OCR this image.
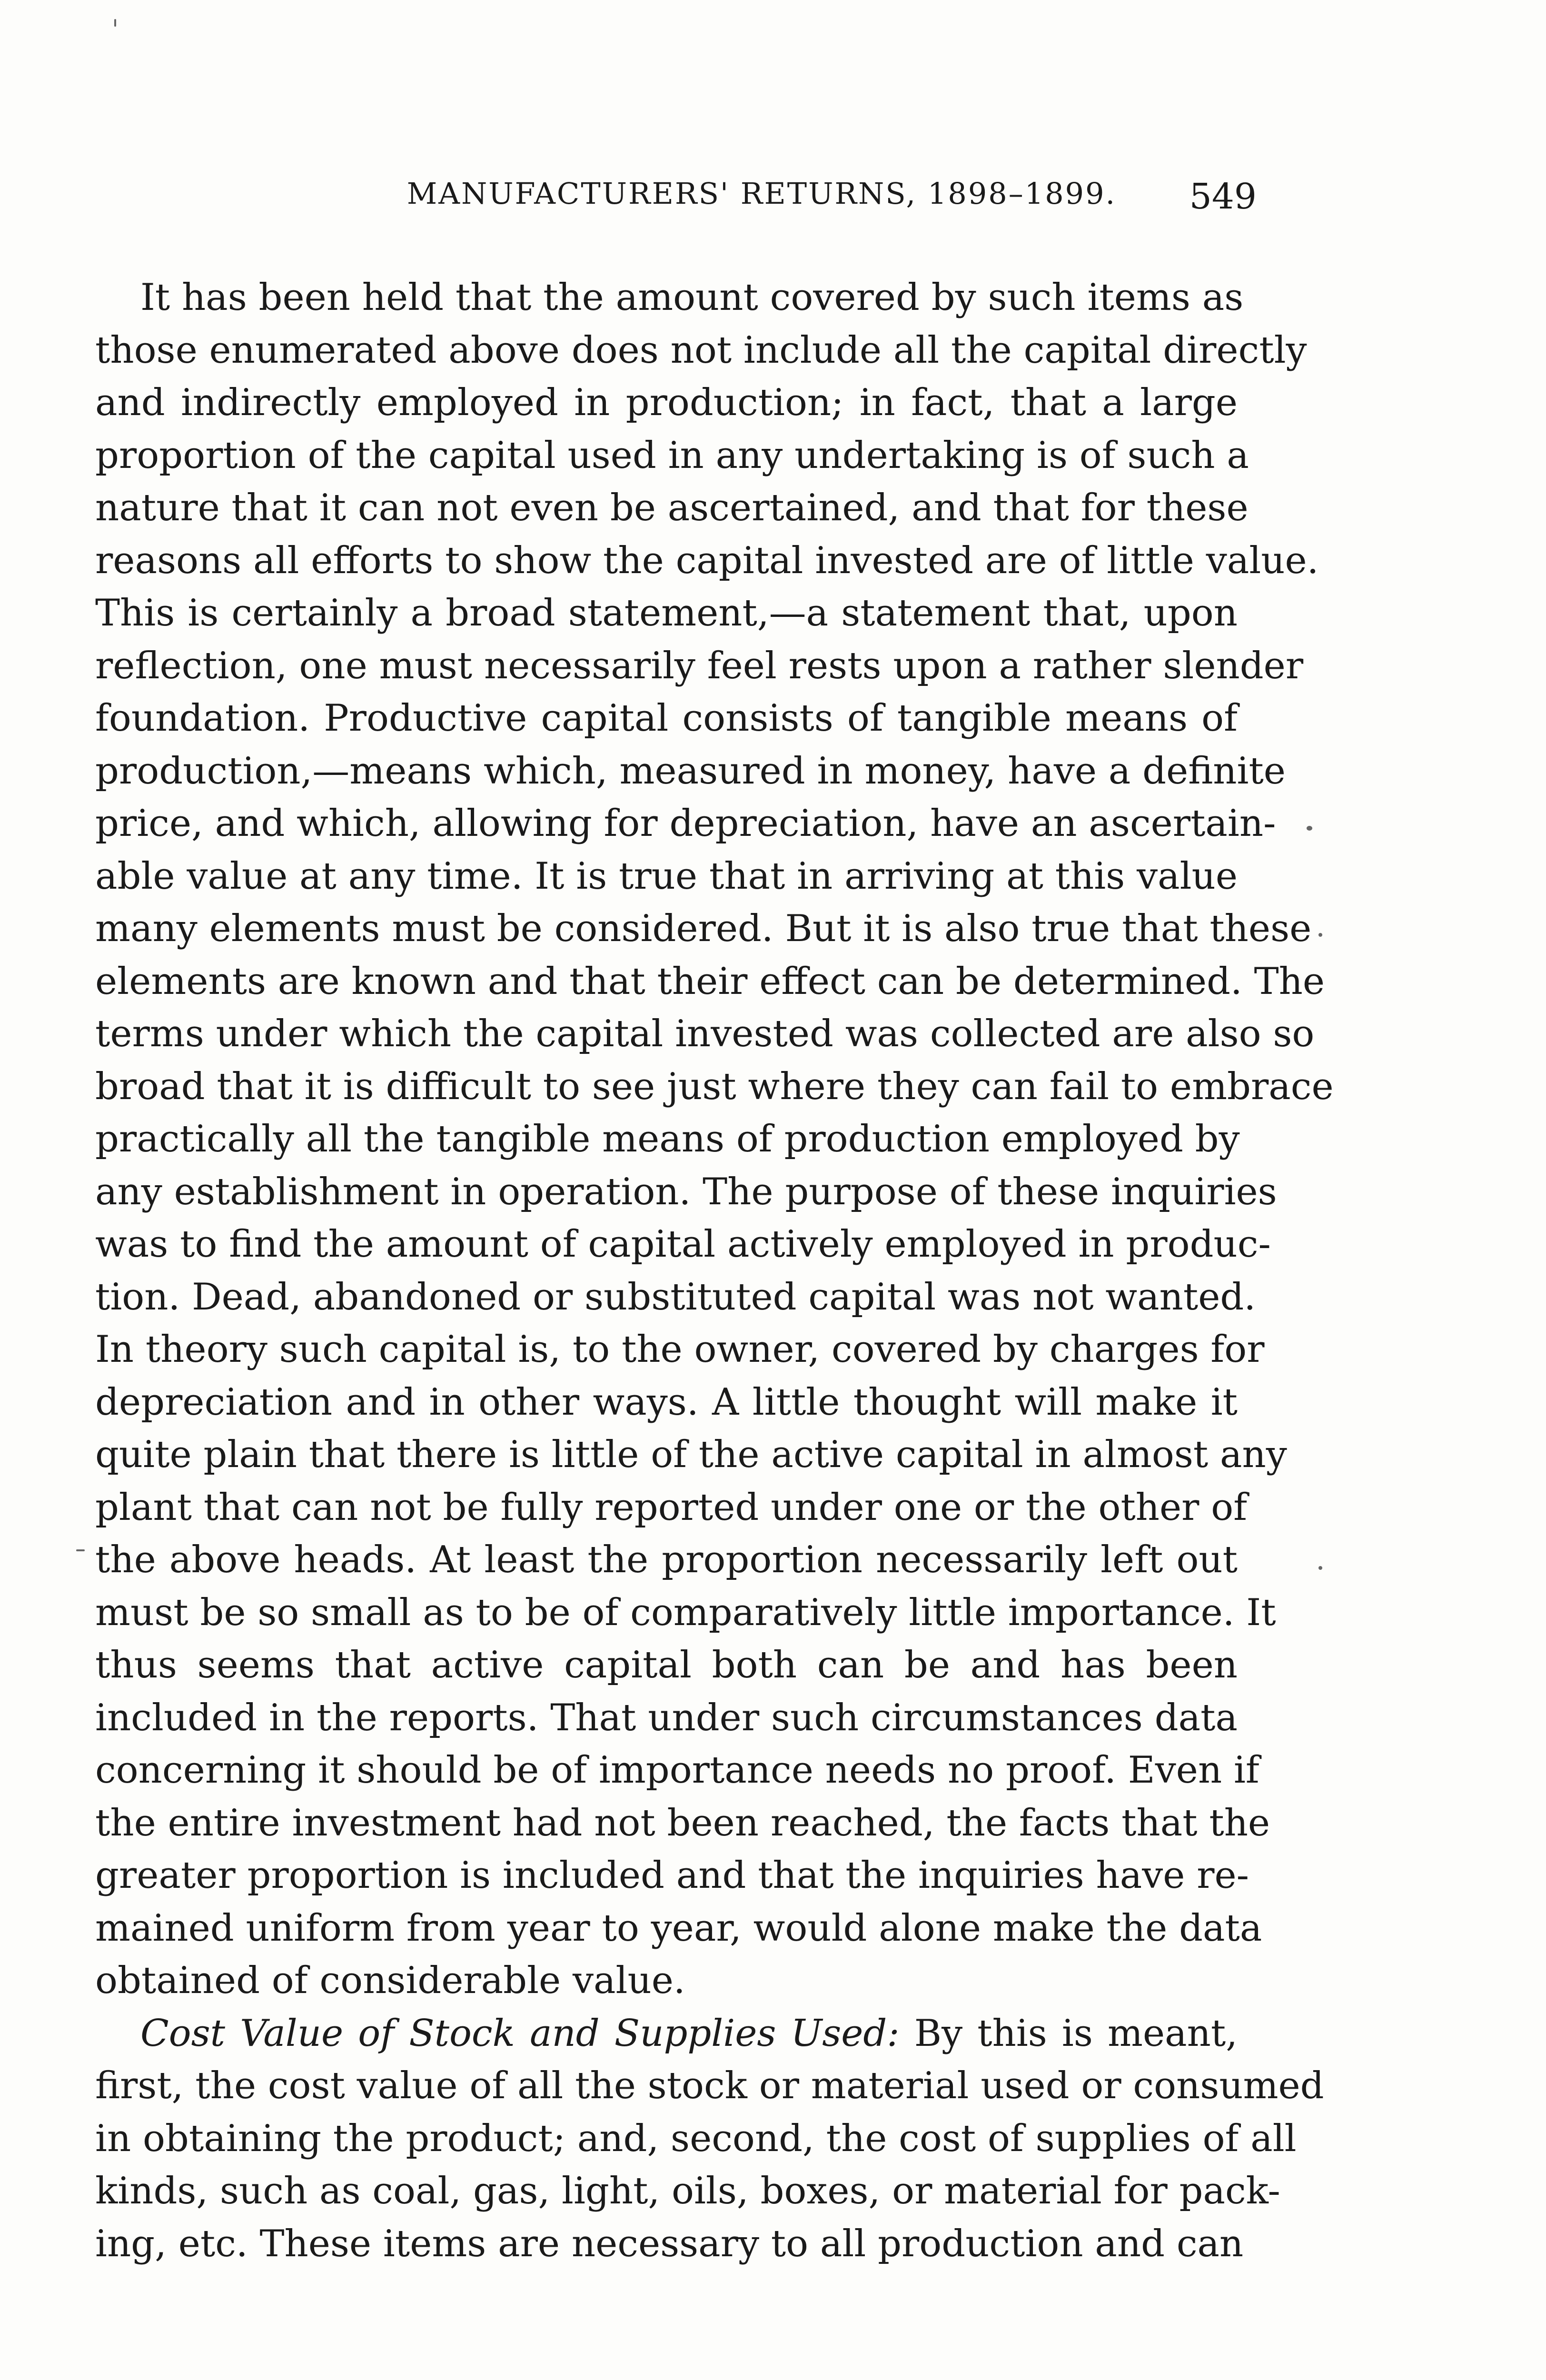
MANUFACTURERS' RETURNS, 1898–1899.	549
It has been held that the amount covered by such items as
those enumerated above does not include all the capital directly
and indirectly employed in production; in fact, that a large
proportion of the capital used in any undertaking is of such a
nature that it can not even be ascertained, and that for these
reasons all efforts to show the capital invested are of little value.
This is certainly a broad statement,—a statement that, upon
reflection, one must necessarily feel rests upon a rather slender
foundation. Productive capital consists of tangible means of
production,—means which, measured in money, have a definite
price, and which, allowing for depreciation, have an ascertain-
able value at any time. It is true that in arriving at this value
many elements must be considered. But it is also true that these
elements are known and that their effect can be determined. The
terms under which the capital invested was collected are also so
broad that it is difficult to see just where they can fail to embrace
practically all the tangible means of production employed by
any establishment in operation. The purpose of these inquiries
was to find the amount of capital actively employed in produc-
tion. Dead, abandoned or substituted capital was not wanted.
In theory such capital is, to the owner, covered by charges for
depreciation and in other ways. A little thought will make it
quite plain that there is little of the active capital in almost any
plant that can not be fully reported under one or the other of
the above heads. At least the proportion necessarily left out
must be so small as to be of comparatively little importance. It
thus seems that active capital both can be and has been
included in the reports. That under such circumstances data
concerning it should be of importance needs no proof. Even if
the entire investment had not been reached, the facts that the
greater proportion is included and that the inquiries have re-
mained uniform from year to year, would alone make the data
obtained of considerable value.
Cost Value of Stock and Supplies Used: By this is meant,
first, the cost value of all the stock or material used or consumed
in obtaining the product; and, second, the cost of supplies of all
kinds, such as coal, gas, light, oils, boxes, or material for pack-
ing, etc. These items are necessary to all production and can
